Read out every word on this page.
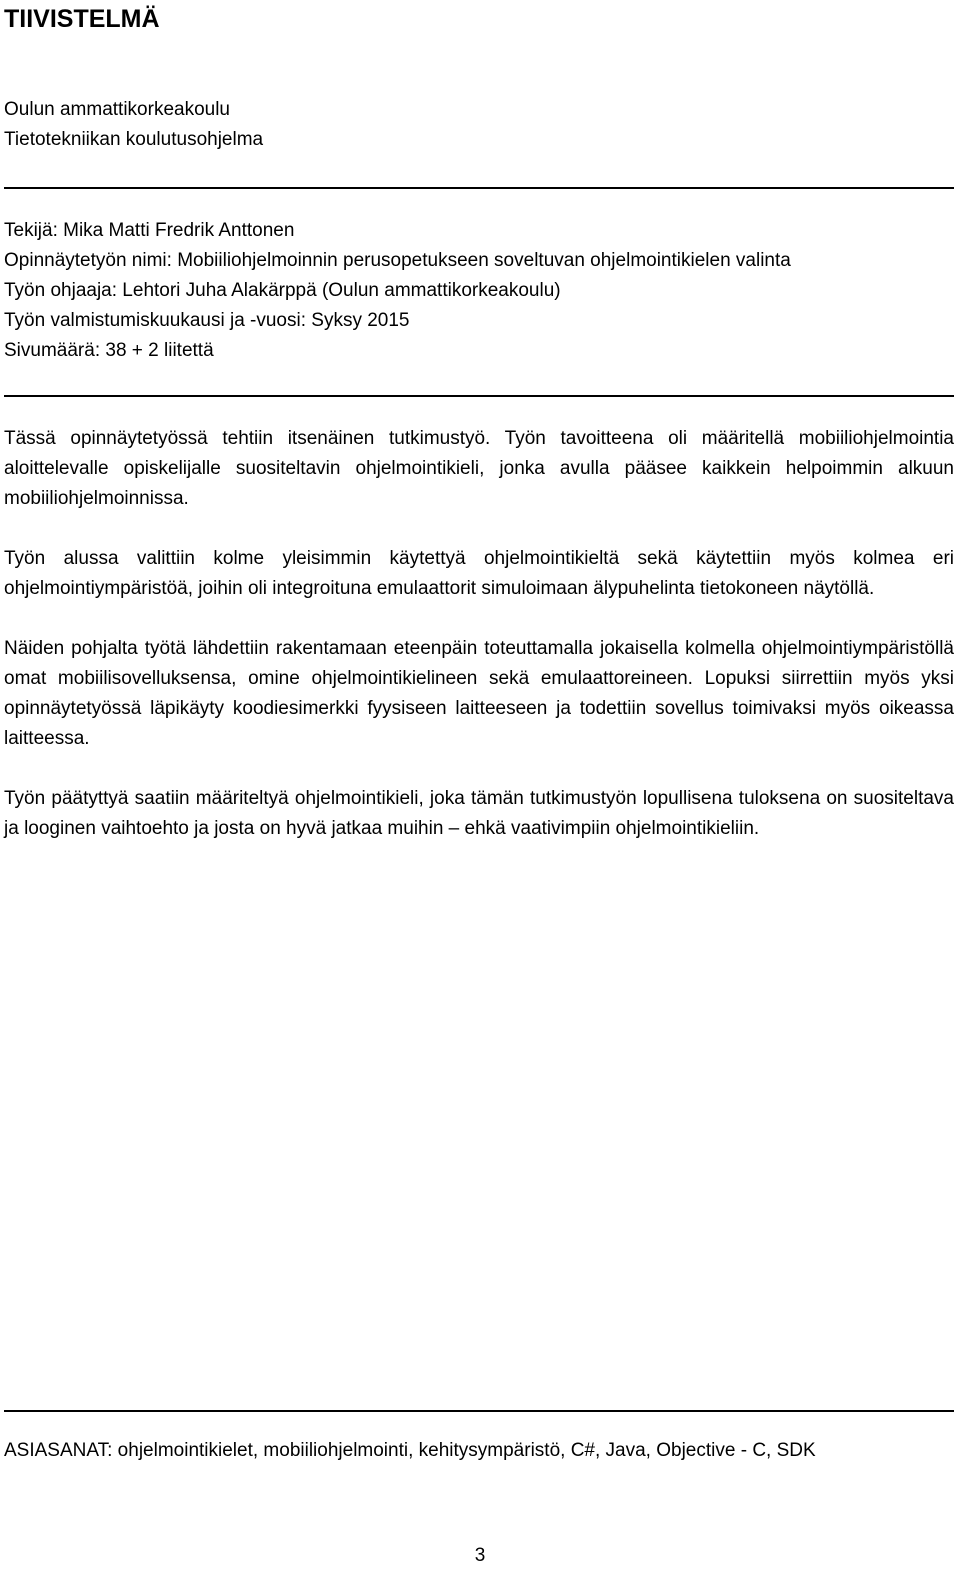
TIIVISTELMÄ
Oulun ammattikorkeakoulu
Tietotekniikan koulutusohjelma
Tekijä: Mika Matti Fredrik Anttonen
Opinnäytetyön nimi: Mobiiliohjelmoinnin perusopetukseen soveltuvan ohjelmointikielen valinta
Työn ohjaaja: Lehtori Juha Alakärppä (Oulun ammattikorkeakoulu)
Työn valmistumiskuukausi ja -vuosi: Syksy 2015
Sivumäärä: 38 + 2 liitettä

Tässä opinnäytetyössä tehtiin itsenäinen tutkimustyö. Työn tavoitteena oli määritellä mobiiliohjelmointia aloittelevalle opiskelijalle suositeltavin ohjelmointikieli, jonka avulla pääsee kaikkein helpoimmin alkuun mobiiliohjelmoinnissa.

Työn alussa valittiin kolme yleisimmin käytettyä ohjelmointikieltä sekä käytettiin myös kolmea eri ohjelmointiympäristöä, joihin oli integroituna emulaattorit simuloimaan älypuhelinta tietokoneen näytöllä.

Näiden pohjalta työtä lähdettiin rakentamaan eteenpäin toteuttamalla jokaisella kolmella ohjelmointiympäristöllä omat mobiilisovelluksensa, omine ohjelmointikielineen sekä emulaattoreineen. Lopuksi siirrettiin myös yksi opinnäytetyössä läpikäyty koodiesimerkki fyysiseen laitteeseen ja todettiin sovellus toimivaksi myös oikeassa laitteessa.

Työn päätyttyä saatiin määriteltyä ohjelmointikieli, joka tämän tutkimustyön lopullisena tuloksena on suositeltava ja looginen vaihtoehto ja josta on hyvä jatkaa muihin – ehkä vaativimpiin ohjelmointikieliin.

ASIASANAT: ohjelmointikielet, mobiiliohjelmointi, kehitysympäristö, C#, Java, Objective - C, SDK
3
